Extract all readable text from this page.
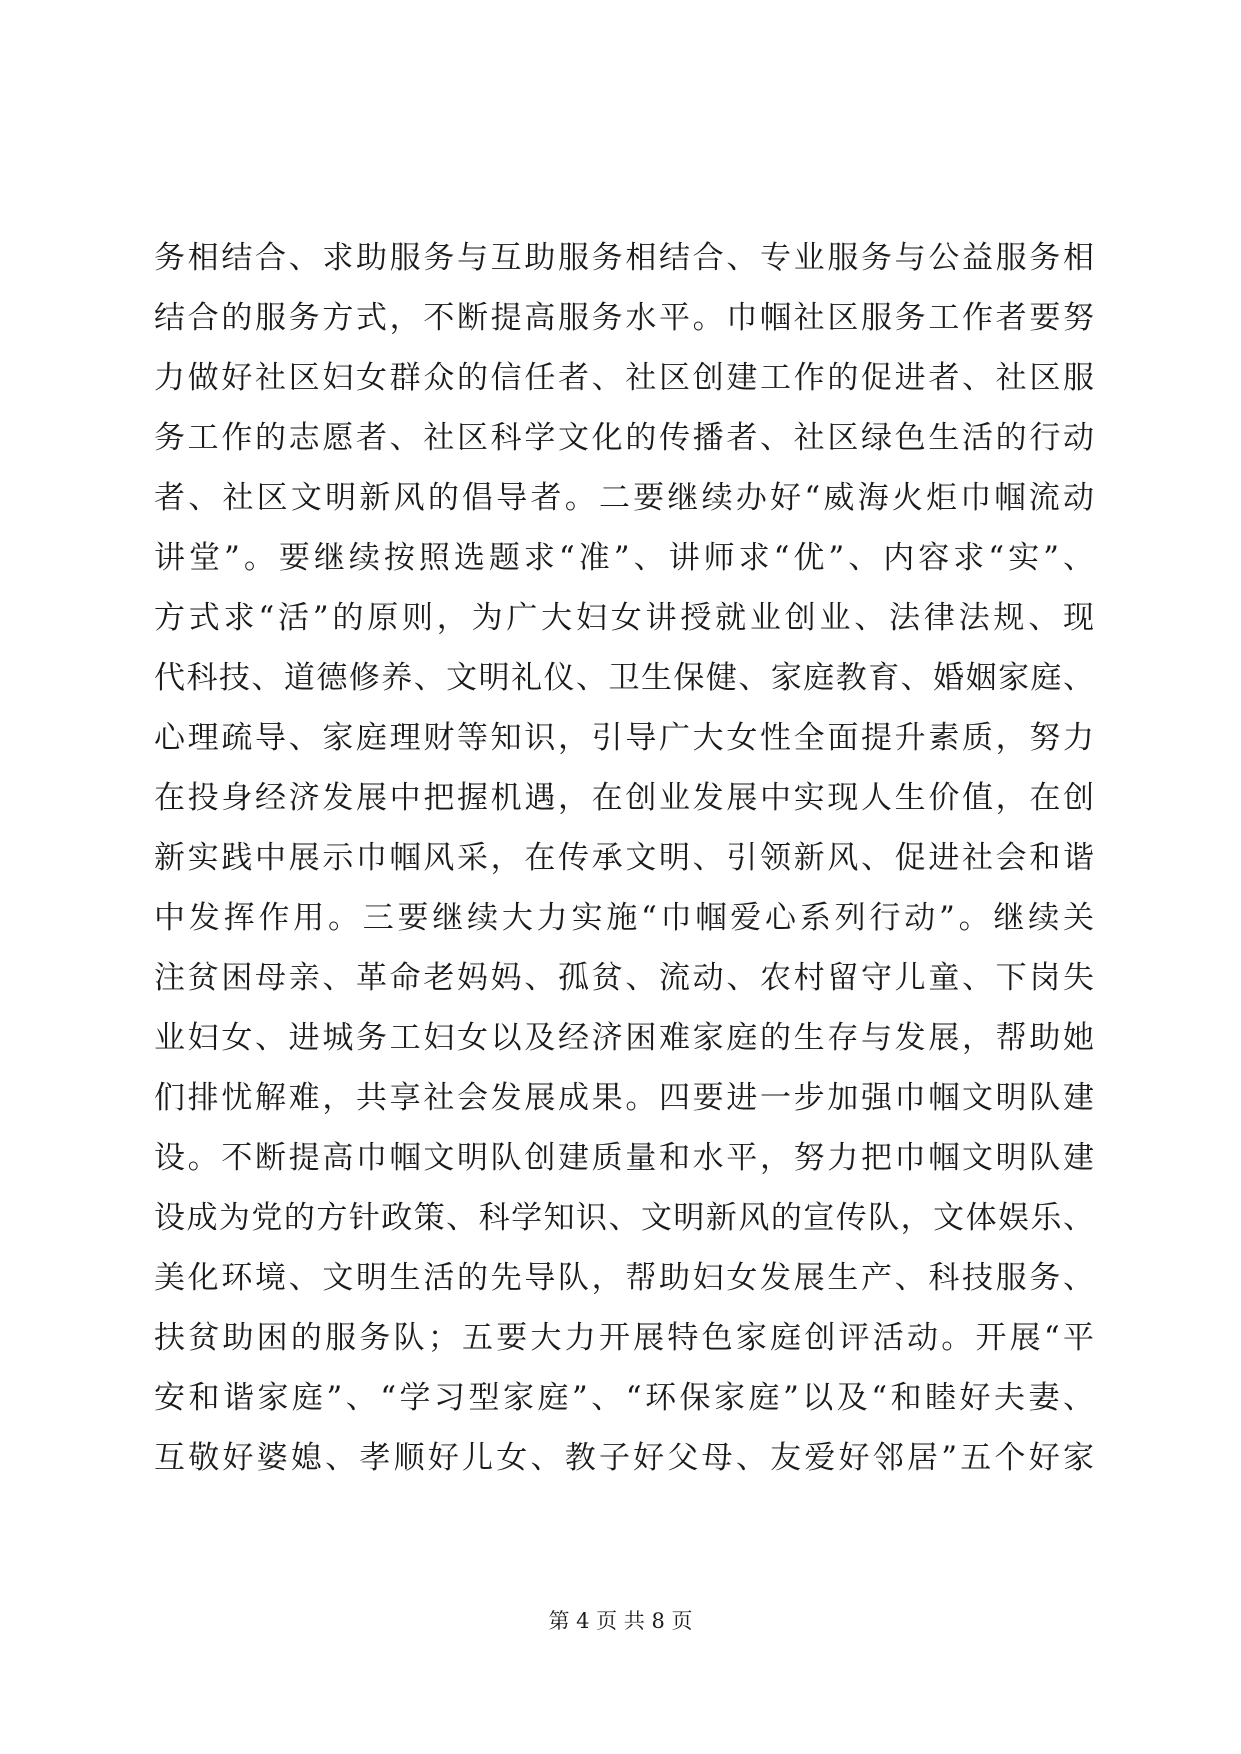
务相结合、求助服务与互助服务相结合、专业服务与公益服务相
结合的服务方式，不断提高服务水平。巾帼社区服务工作者要努
力做好社区妇女群众的信任者、社区创建工作的促进者、社区服
务工作的志愿者、社区科学文化的传播者、社区绿色生活的行动
者、社区文明新风的倡导者。二要继续办好“威海火炬巾帼流动
讲堂”。要继续按照选题求“准”、讲师求“优”、内容求“实”、
方式求“活”的原则，为广大妇女讲授就业创业、法律法规、现
代科技、道德修养、文明礼仪、卫生保健、家庭教育、婚姻家庭、
心理疏导、家庭理财等知识，引导广大女性全面提升素质，努力
在投身经济发展中把握机遇，在创业发展中实现人生价值，在创
新实践中展示巾帼风采，在传承文明、引领新风、促进社会和谐
中发挥作用。三要继续大力实施“巾帼爱心系列行动”。继续关
注贫困母亲、革命老妈妈、孤贫、流动、农村留守儿童、下岗失
业妇女、进城务工妇女以及经济困难家庭的生存与发展，帮助她
们排忧解难，共享社会发展成果。四要进一步加强巾帼文明队建
设。不断提高巾帼文明队创建质量和水平，努力把巾帼文明队建
设成为党的方针政策、科学知识、文明新风的宣传队，文体娱乐、
美化环境、文明生活的先导队，帮助妇女发展生产、科技服务、
扶贫助困的服务队；五要大力开展特色家庭创评活动。开展“平
安和谐家庭”、“学习型家庭”、“环保家庭”以及“和睦好夫妻、
互敬好婆媳、孝顺好儿女、教子好父母、友爱好邻居”五个好家
第 4 页 共 8 页
